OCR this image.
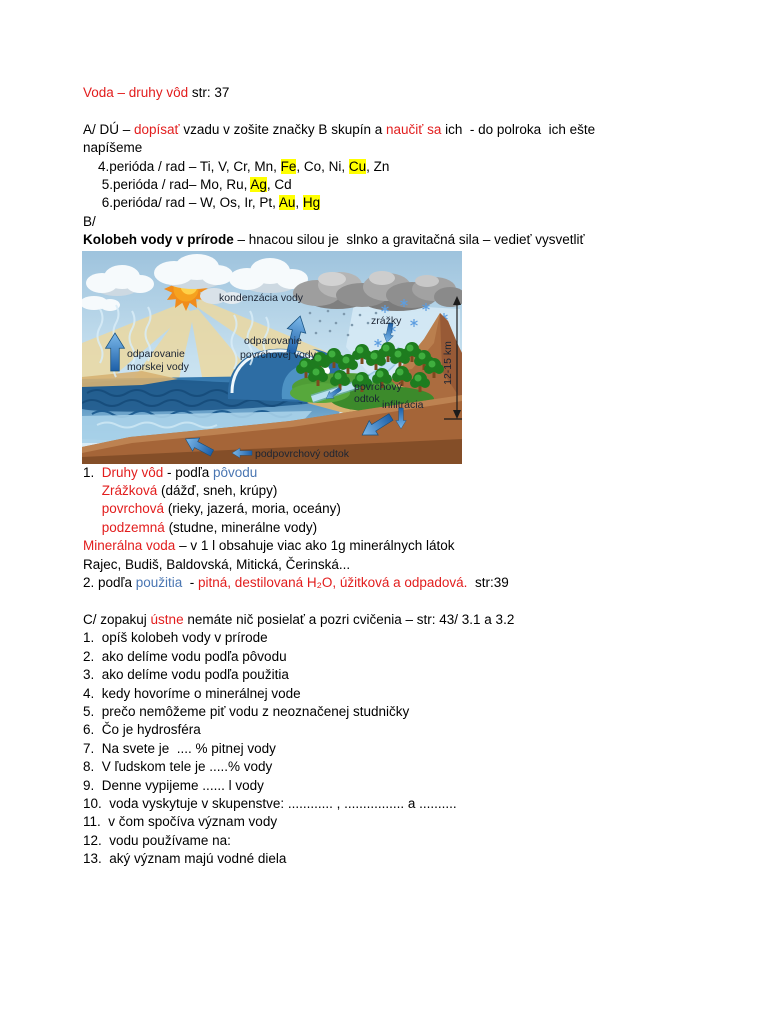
Voda – druhy vôd str: 37

A/ DÚ – dopísať vzadu v zošite značky B skupín a naučiť sa ich  - do polroka  ich ešte
napíšeme
4.perióda / rad – Ti, V, Cr, Mn, Fe, Co, Ni, Cu, Zn
5.perióda / rad– Mo, Ru, Ag, Cd
6.perióda/ rad – W, Os, Ir, Pt, Au, Hg
B/
Kolobeh vody v prírode – hnacou silou je  slnko a gravitačná sila – vedieť vysvetliť
kondenzácia vody
zrážky
odparovanie
morskej vody
odparovanie
povrchovej vody
povrchový
odtok infiltrácia
podpovrchový odtok
12-15 km
1.  Druhy vôd - podľa pôvodu
Zrážková (dážď, sneh, krúpy)
povrchová (rieky, jazerá, moria, oceány)
podzemná (studne, minerálne vody)
Minerálna voda – v 1 l obsahuje viac ako 1g minerálnych látok
Rajec, Budiš, Baldovská, Mitická, Čerinská...
2. podľa použitia  - pitná, destilovaná H₂O, úžitková a odpadová.  str:39

C/ zopakuj ústne nemáte nič posielať a pozri cvičenia – str: 43/ 3.1 a 3.2
1.  opíš kolobeh vody v prírode
2.  ako delíme vodu podľa pôvodu
3.  ako delíme vodu podľa použitia
4.  kedy hovoríme o minerálnej vode
5.  prečo nemôžeme piť vodu z neoznačenej studničky
6.  Čo je hydrosféra
7.  Na svete je  .... % pitnej vody
8.  V ľudskom tele je .....% vody
9.  Denne vypijeme ...... l vody
10.  voda vyskytuje v skupenstve: ............ , ................ a ..........
11.  v čom spočíva význam vody
12.  vodu používame na:
13.  aký význam majú vodné diela
